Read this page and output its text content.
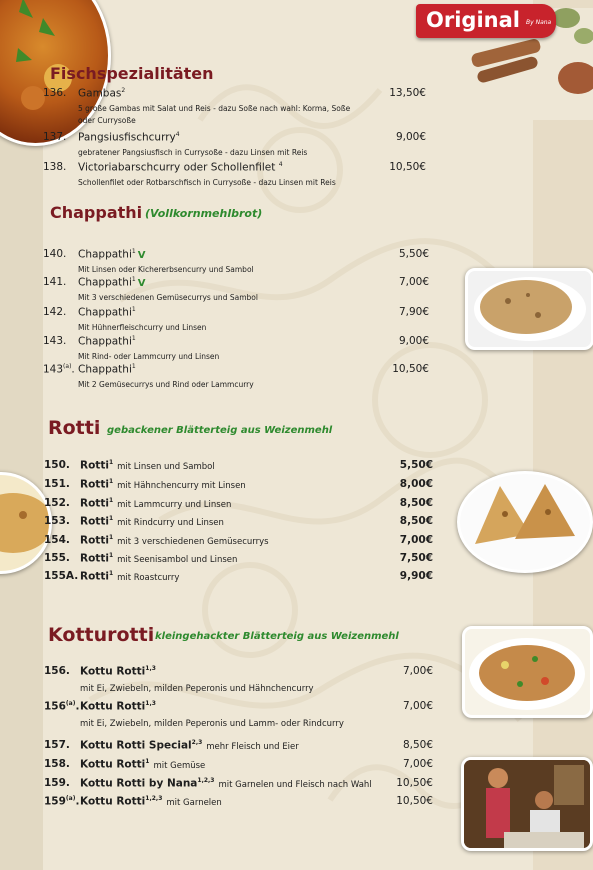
Original By Nana
Fischspezialitäten
136. Gambas$^2$	13,50€
5 große Gambas mit Salat und Reis - dazu Soße nach wahl: Korma, Soße
oder Currysoße
137. Pangsiusfischcurry$^4$	9,00€
gebratener Pangsiusfisch in Currysoße - dazu Linsen mit Reis
138. Victoriabarschcurry oder Schollenfilet $^4$	10,50€
Schollenfilet oder Rotbarschfisch in Currysoße - dazu Linsen mit Reis
Chappathi (Vollkornmehlbrot)
140. Chappathi$^1$ V	5,50€
Mit Linsen oder Kichererbsencurry und Sambol
141. Chappathi$^1$ V	7,00€
Mit 3 verschiedenen Gemüsecurrys und Sambol
142. Chappathi$^1$	7,90€
Mit Hühnerfleischcurry und Linsen
143. Chappathi$^1$	9,00€
Mit Rind- oder Lammcurry und Linsen
143$^{(a)}$. Chappathi$^1$	10,50€
Mit 2 Gemüsecurrys und Rind oder Lammcurry
Rotti gebackener Blätterteig aus Weizenmehl
150. Rotti$^1$ mit Linsen und Sambol	5,50€
151. Rotti$^1$ mit Hähnchencurry mit Linsen	8,00€
152. Rotti$^1$ mit Lammcurry und Linsen	8,50€
153. Rotti$^1$ mit Rindcurry und Linsen	8,50€
154. Rotti$^1$ mit 3 verschiedenen Gemüsecurrys	7,00€
155. Rotti$^1$ mit Seenisambol und Linsen	7,50€
155A. Rotti$^1$ mit Roastcurry	9,90€
Kotturotti kleingehackter Blätterteig aus Weizenmehl
156. Kottu Rotti$^{1,3}$	7,00€
mit Ei, Zwiebeln, milden Peperonis und Hähnchencurry
156$^{(a)}$. Kottu Rotti$^{1,3}$	7,00€
mit Ei, Zwiebeln, milden Peperonis und Lamm- oder Rindcurry
157. Kottu Rotti Special$^{2,3}$ mehr Fleisch und Eier	8,50€
158. Kottu Rotti$^1$ mit Gemüse	7,00€
159. Kottu Rotti by Nana$^{1,2,3}$ mit Garnelen und Fleisch nach Wahl	10,50€
159$^{(a)}$. Kottu Rotti$^{1,2,3}$ mit Garnelen	10,50€
